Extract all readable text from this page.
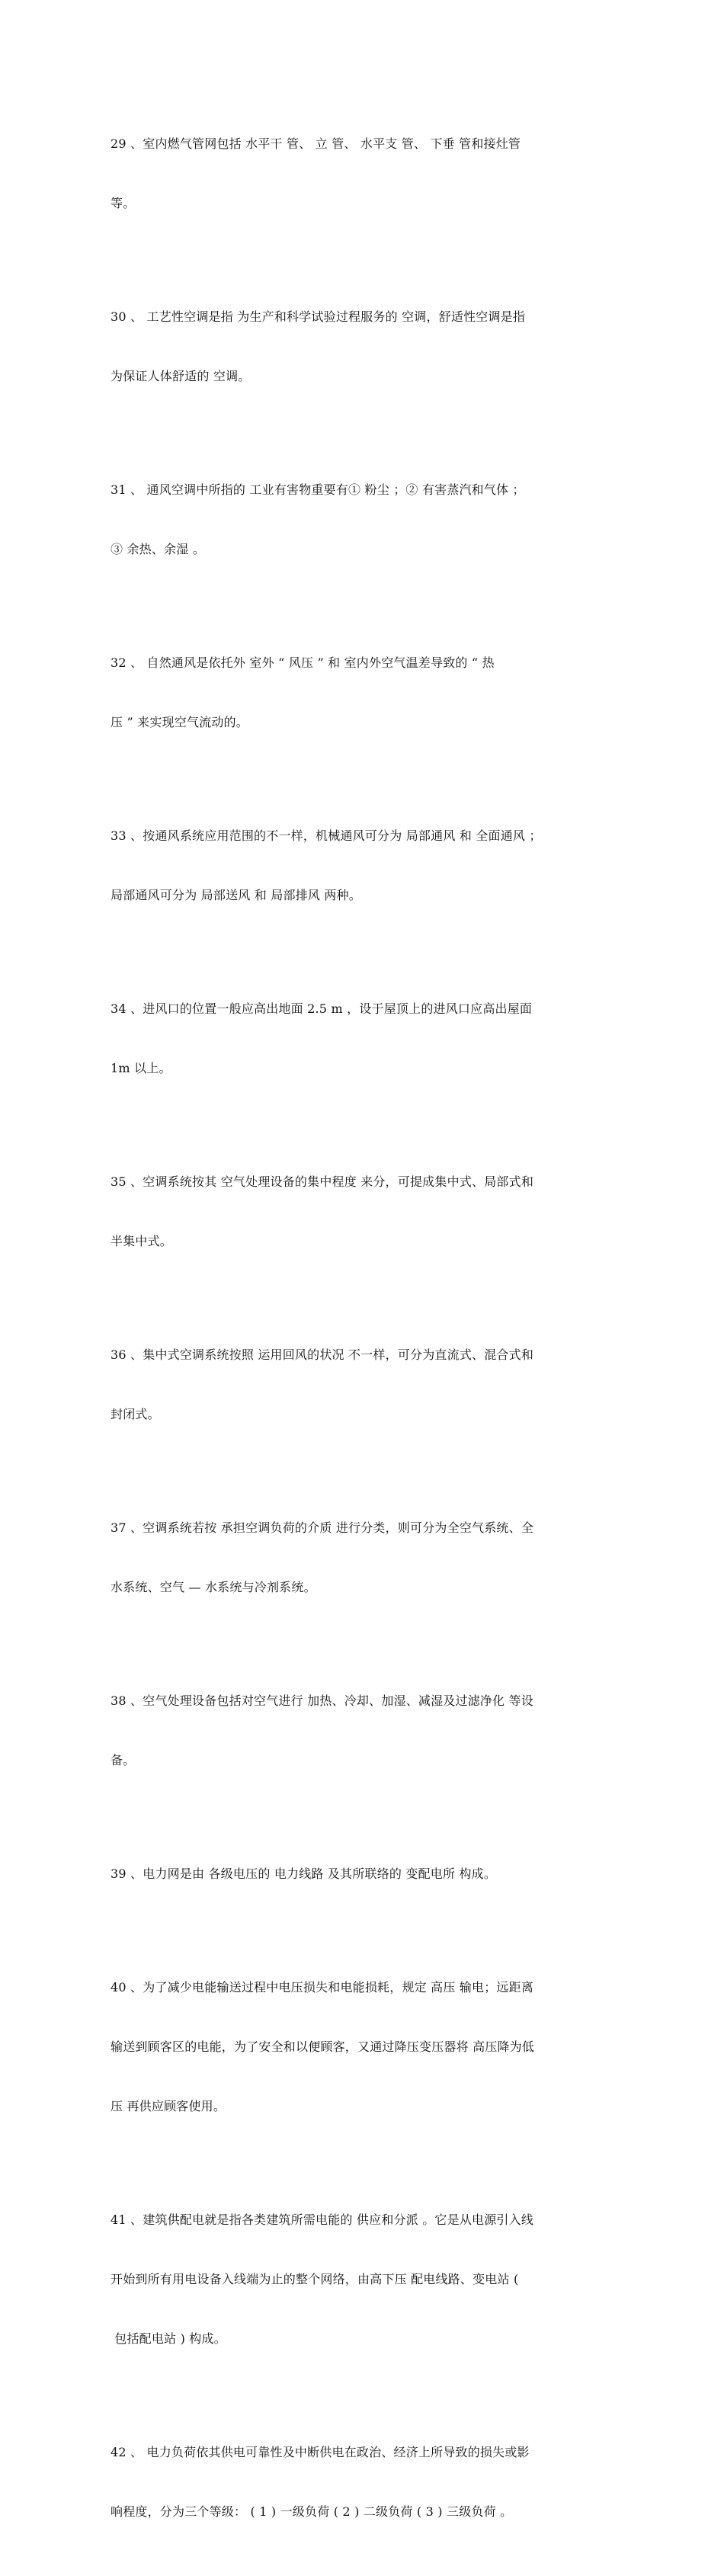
29 、室内燃气管网包括 水平干 管、 立 管、 水平支 管、 下垂 管和接灶管

等。

30 、 工艺性空调是指 为生产和科学试验过程服务的 空调，舒适性空调是指

为保证人体舒适的 空调。

31 、 通风空调中所指的 工业有害物重要有① 粉尘 ；② 有害蒸汽和气体 ；

③ 余热、余湿 。

32 、 自然通风是依托外 室外 “ 风压 ” 和 室内外空气温差导致的 “ 热

压 ” 来实现空气流动的。

33 、按通风系统应用范围的不一样，机械通风可分为 局部通风 和 全面通风 ；

局部通风可分为 局部送风 和 局部排风 两种。

34 、进风口的位置一般应高出地面 2.5 m ，设于屋顶上的进风口应高出屋面

1m 以上。

35 、空调系统按其 空气处理设备的集中程度 来分，可提成集中式、局部式和

半集中式。

36 、集中式空调系统按照 运用回风的状况 不一样，可分为直流式、混合式和

封闭式。

37 、空调系统若按 承担空调负荷的介质 进行分类，则可分为全空气系统、全

水系统、空气 — 水系统与冷剂系统。

38 、空气处理设备包括对空气进行 加热、冷却、加湿、减湿及过滤净化 等设

备。

39 、电力网是由 各级电压的 电力线路 及其所联络的 变配电所 构成。

40 、为了减少电能输送过程中电压损失和电能损耗，规定 高压 输电；远距离

输送到顾客区的电能，为了安全和以便顾客，又通过降压变压器将 高压降为低

压 再供应顾客使用。

41 、建筑供配电就是指各类建筑所需电能的 供应和分派 。它是从电源引入线

开始到所有用电设备入线端为止的整个网络，由高下压 配电线路、变电站 (

包括配电站 ) 构成。

42 、 电力负荷依其供电可靠性及中断供电在政治、经济上所导致的损失或影

响程度，分为三个等级： ( 1 ) 一级负荷 ( 2 ) 二级负荷 ( 3 ) 三级负荷 。
